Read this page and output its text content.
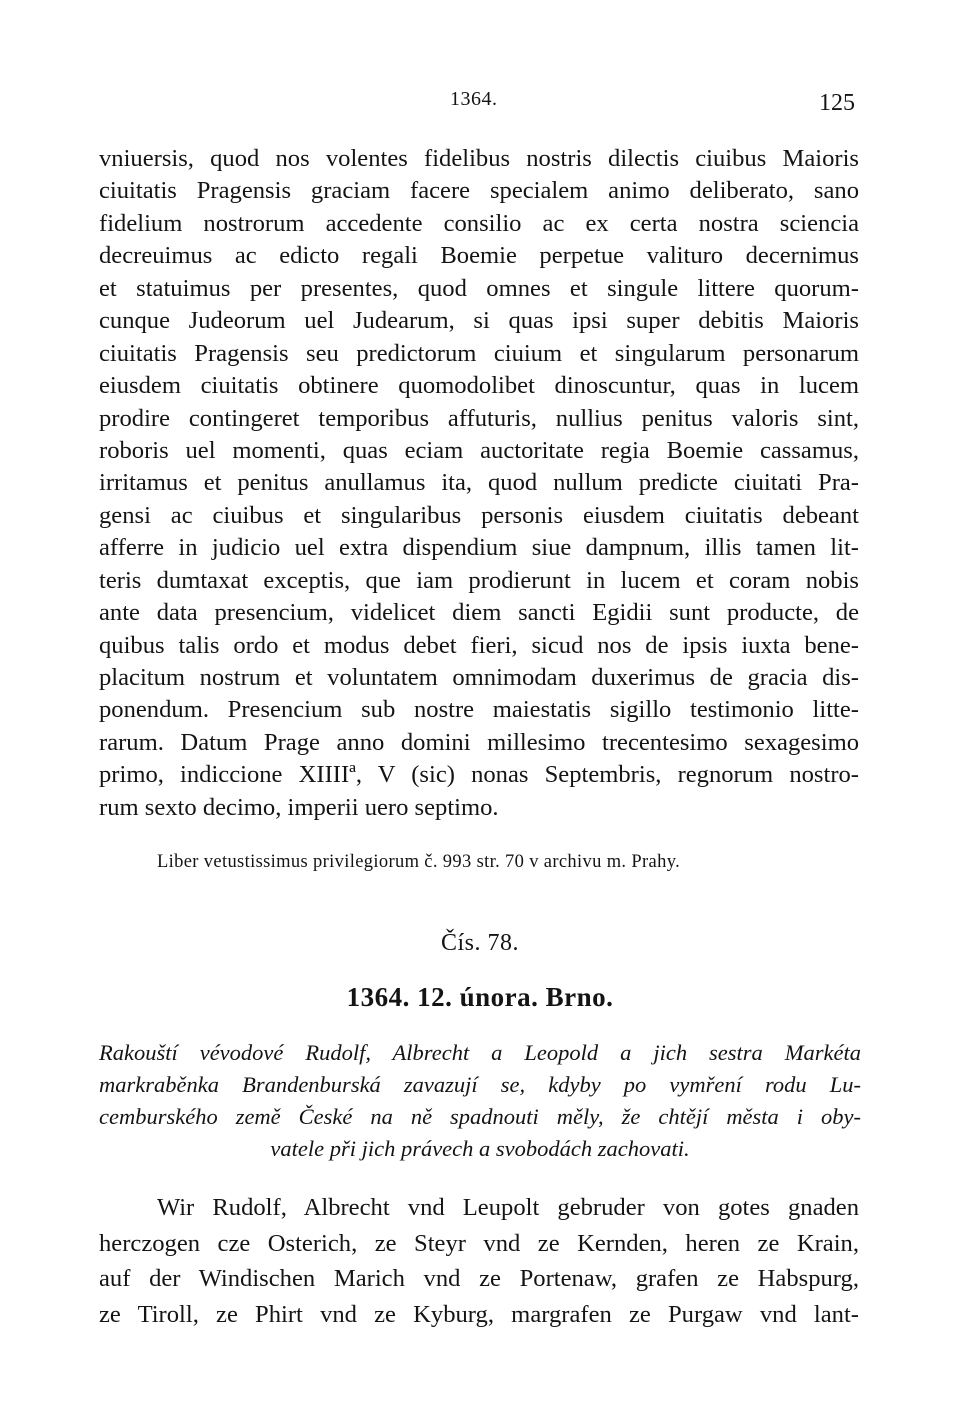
1364.	125
vniuersis, quod nos volentes fidelibus nostris dilectis ciuibus Maioris
ciuitatis Pragensis graciam facere specialem animo deliberato, sano
fidelium nostrorum accedente consilio ac ex certa nostra sciencia
decreuimus ac edicto regali Boemie perpetue valituro decernimus
et statuimus per presentes, quod omnes et singule littere quorum-
cunque Judeorum uel Judearum, si quas ipsi super debitis Maioris
ciuitatis Pragensis seu predictorum ciuium et singularum personarum
eiusdem ciuitatis obtinere quomodolibet dinoscuntur, quas in lucem
prodire contingeret temporibus affuturis, nullius penitus valoris sint,
roboris uel momenti, quas eciam auctoritate regia Boemie cassamus,
irritamus et penitus anullamus ita, quod nullum predicte ciuitati Pra-
gensi ac ciuibus et singularibus personis eiusdem ciuitatis debeant
afferre in judicio uel extra dispendium siue dampnum, illis tamen lit-
teris dumtaxat exceptis, que iam prodierunt in lucem et coram nobis
ante data presencium, videlicet diem sancti Egidii sunt producte, de
quibus talis ordo et modus debet fieri, sicud nos de ipsis iuxta bene-
placitum nostrum et voluntatem omnimodam duxerimus de gracia dis-
ponendum. Presencium sub nostre maiestatis sigillo testimonio litte-
rarum. Datum Prage anno domini millesimo trecentesimo sexagesimo
primo, indiccione XIIIIª, V (sic) nonas Septembris, regnorum nostro-
rum sexto decimo, imperii uero septimo.
Liber vetustissimus privilegiorum č. 993 str. 70 v archivu m. Prahy.
Čís. 78.
1364. 12. února. Brno.
Rakouští vévodové Rudolf, Albrecht a Leopold a jich sestra Markéta
markraběnka Brandenburská zavazují se, kdyby po vymření rodu Lu-
cemburského země České na ně spadnouti měly, že chtějí města i oby-
vatele při jich právech a svobodách zachovati.
Wir Rudolf, Albrecht vnd Leupolt gebruder von gotes gnaden
herczogen cze Osterich, ze Steyr vnd ze Kernden, heren ze Krain,
auf der Windischen Marich vnd ze Portenaw, grafen ze Habspurg,
ze Tiroll, ze Phirt vnd ze Kyburg, margrafen ze Purgaw vnd lant-
